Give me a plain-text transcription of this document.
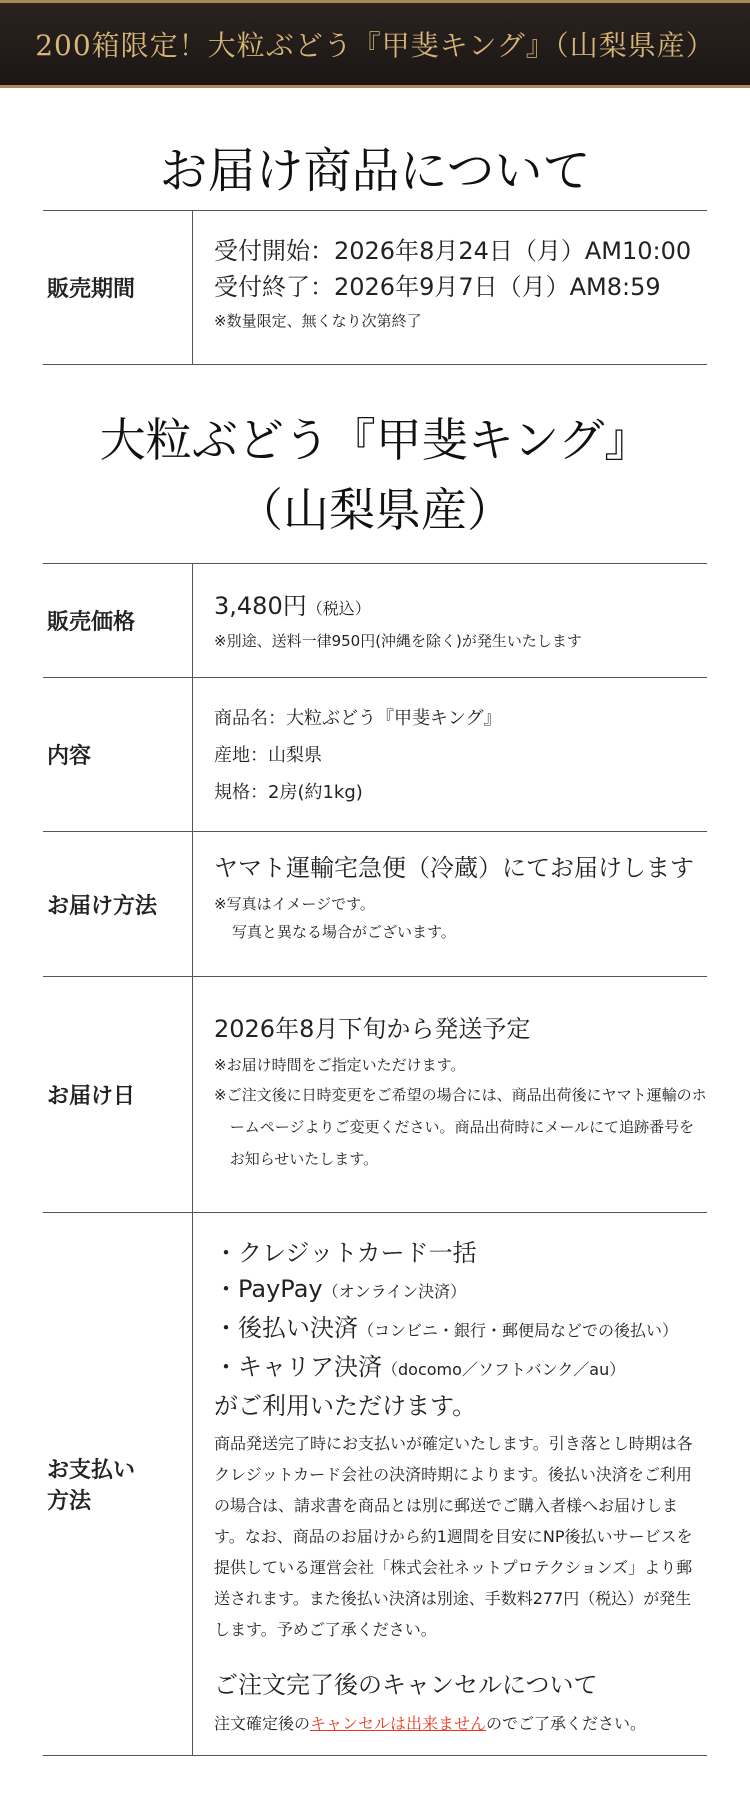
200箱限定！大粒ぶどう『甲斐キング』（山梨県産）
お届け商品について
販売期間
受付開始：2026年8月24日（月）AM10:00
受付終了：2026年9月7日（月）AM8:59
※数量限定、無くなり次第終了
大粒ぶどう『甲斐キング』
（山梨県産）
販売価格
3,480円（税込）
※別途、送料一律950円(沖縄を除く)が発生いたします
内容
商品名：大粒ぶどう『甲斐キング』
産地：山梨県
規格：2房(約1kg)
お届け方法
ヤマト運輸宅急便（冷蔵）にてお届けします
※写真はイメージです。
写真と異なる場合がございます。
お届け日
2026年8月下旬から発送予定
※お届け時間をご指定いただけます。
※ご注文後に日時変更をご希望の場合には、商品出荷後にヤマト運輸のホームページよりご変更ください。商品出荷時にメールにて追跡番号をお知らせいたします。
お支払い
方法
・クレジットカード一括
・PayPay（オンライン決済）
・後払い決済（コンビニ・銀行・郵便局などでの後払い）
・キャリア決済（docomo／ソフトバンク／au）
がご利用いただけます。
商品発送完了時にお支払いが確定いたします。引き落とし時期は各クレジットカード会社の決済時期によります。後払い決済をご利用の場合は、請求書を商品とは別に郵送でご購入者様へお届けします。なお、商品のお届けから約1週間を目安にNP後払いサービスを提供している運営会社「株式会社ネットプロテクションズ」より郵送されます。また後払い決済は別途、手数料277円（税込）が発生します。予めご了承ください。
ご注文完了後のキャンセルについて
注文確定後のキャンセルは出来ませんのでご了承ください。
